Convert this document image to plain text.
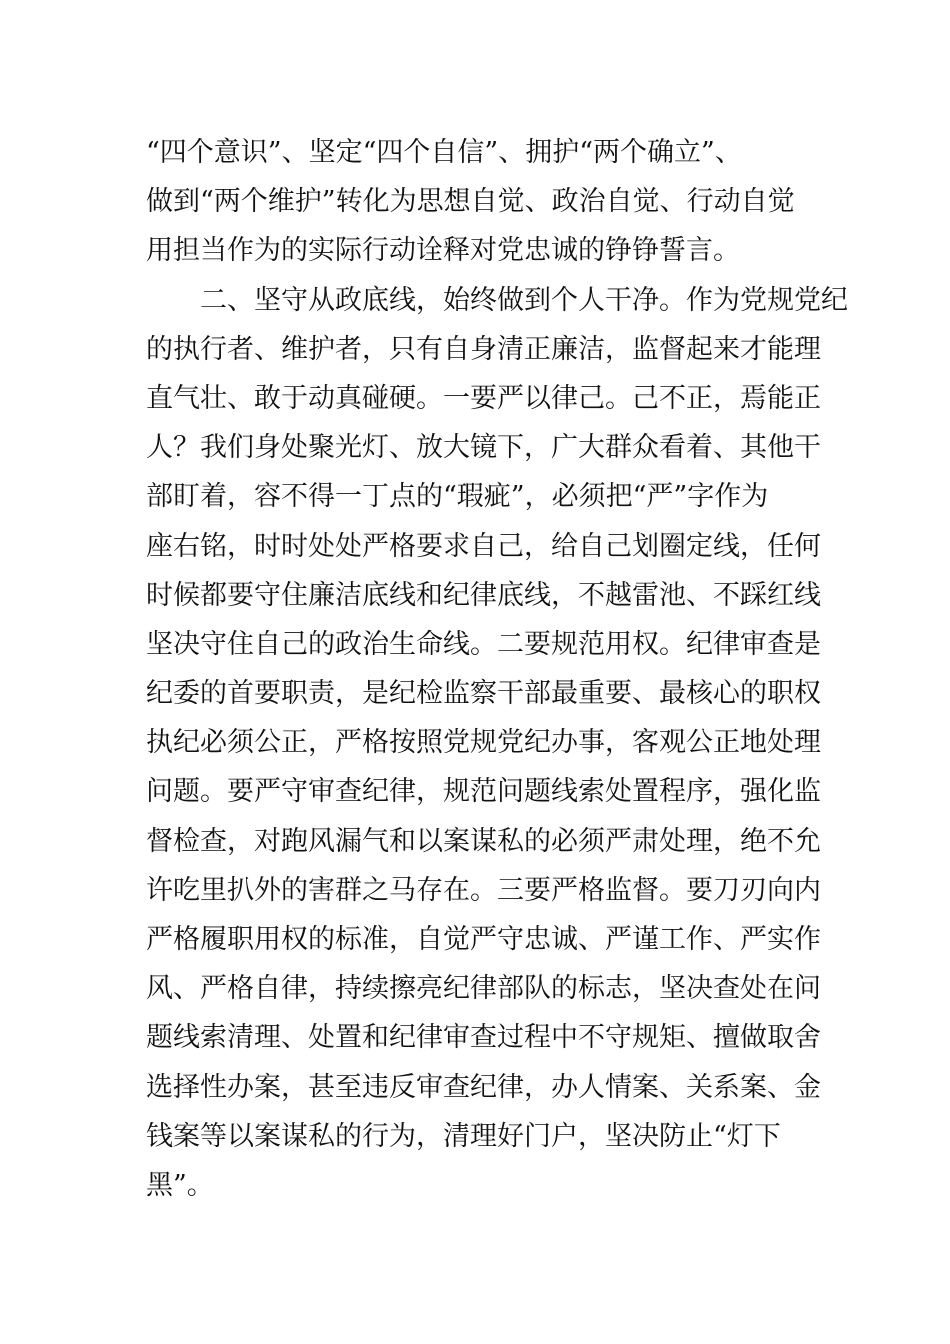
“四个意识”、坚定“四个自信”、拥护“两个确立”、
做到“两个维护”转化为思想自觉、政治自觉、行动自觉
用担当作为的实际行动诠释对党忠诚的铮铮誓言。
二、坚守从政底线，始终做到个人干净。作为党规党纪
的执行者、维护者，只有自身清正廉洁，监督起来才能理
直气壮、敢于动真碰硬。一要严以律己。己不正，焉能正
人？我们身处聚光灯、放大镜下，广大群众看着、其他干
部盯着，容不得一丁点的“瑕疵”，必须把“严”字作为
座右铭，时时处处严格要求自己，给自己划圈定线，任何
时候都要守住廉洁底线和纪律底线，不越雷池、不踩红线
坚决守住自己的政治生命线。二要规范用权。纪律审查是
纪委的首要职责，是纪检监察干部最重要、最核心的职权
执纪必须公正，严格按照党规党纪办事，客观公正地处理
问题。要严守审查纪律，规范问题线索处置程序，强化监
督检查，对跑风漏气和以案谋私的必须严肃处理，绝不允
许吃里扒外的害群之马存在。三要严格监督。要刀刃向内
严格履职用权的标准，自觉严守忠诚、严谨工作、严实作
风、严格自律，持续擦亮纪律部队的标志，坚决查处在问
题线索清理、处置和纪律审查过程中不守规矩、擅做取舍
选择性办案，甚至违反审查纪律，办人情案、关系案、金
钱案等以案谋私的行为，清理好门户，坚决防止“灯下
黑”。
